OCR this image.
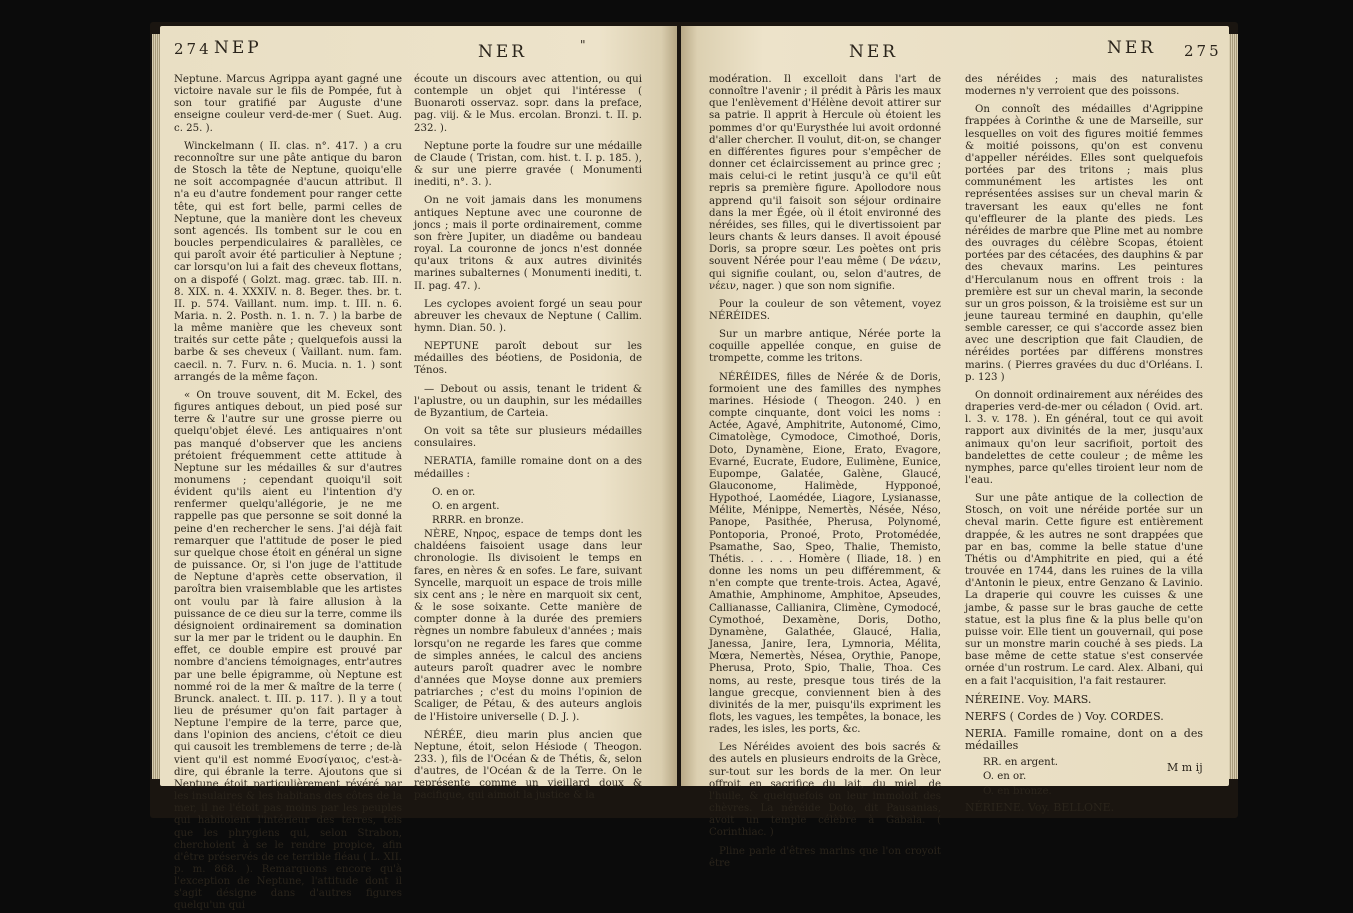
274 NEP	NER	"

Neptune. Marcus Agrippa ayant gagné une victoire navale sur le fils de Pompée, fut à son tour gratifié par Auguste d'une enseigne couleur verd-de-mer ( Suet. Aug. c. 25. ).

Winckelmann ( II. clas. n°. 417. ) a cru reconnoître sur une pâte antique du baron de Stosch la tête de Neptune, quoiqu'elle ne soit accompagnée d'aucun attribut. Il n'a eu d'autre fondement pour ranger cette tête, qui est fort belle, parmi celles de Neptune, que la manière dont les cheveux sont agencés. Ils tombent sur le cou en boucles perpendiculaires & parallèles, ce qui paroît avoir été particulier à Neptune ; car lorsqu'on lui a fait des cheveux flottans, on a dispofé ( Golzt. mag. græc. tab. III. n. 8. XIX. n. 4. XXXIV. n. 8. Beger. thes. br. t. II. p. 574. Vaillant. num. imp. t. III. n. 6. Maria. n. 2. Posth. n. 1. n. 7. ) la barbe de la même manière que les cheveux sont traités sur cette pâte ; quelquefois aussi la barbe & ses cheveux ( Vaillant. num. fam. caecil. n. 7. Furv. n. 6. Mucia. n. 1. ) sont arrangés de la même façon.

« On trouve souvent, dit M. Eckel, des figures antiques debout, un pied posé sur terre & l'autre sur une grosse pierre ou quelqu'objet élevé. Les antiquaires n'ont pas manqué d'observer que les anciens prétoient fréquemment cette attitude à Neptune sur les médailles & sur d'autres monumens ; cependant quoiqu'il soit évident qu'ils aient eu l'intention d'y renfermer quelqu'allégorie, je ne me rappelle pas que personne se soit donné la peine d'en rechercher le sens. J'ai déjà fait remarquer que l'attitude de poser le pied sur quelque chose étoit en général un signe de puissance. Or, si l'on juge de l'attitude de Neptune d'après cette observation, il paroîtra bien vraisemblable que les artistes ont voulu par là faire allusion à la puissance de ce dieu sur la terre, comme ils désignoient ordinairement sa domination sur la mer par le trident ou le dauphin. En effet, ce double empire est prouvé par nombre d'anciens témoignages, entr'autres par une belle épigramme, où Neptune est nommé roi de la mer & maître de la terre ( Brunck. analect. t. III. p. 117. ). Il y a tout lieu de présumer qu'on fait partager à Neptune l'empire de la terre, parce que, dans l'opinion des anciens, c'étoit ce dieu qui causoit les tremblemens de terre ; de-là vient qu'il est nommé Ενοσίγαιος, c'est-à-dire, qui ébranle la terre. Ajoutons que si Neptune étoit particulièrement révéré par les insulaires & les habitans des côtes de la mer, il ne l'étoit pas moins par les peuples qui habitoient l'intérieur des terres, tels que les phrygiens qui, selon Strabon, cherchoient à se le rendre propice, afin d'être préservés de ce terrible fléau ( L. XII. p. m. 868. ). Remarquons encore qu'à l'exception de Neptune, l'attitude dont il s'agit désigne dans d'autres figures quelqu'un qui

écoute un discours avec attention, ou qui contemple un objet qui l'intéresse ( Buonaroti osservaz. sopr. dans la preface, pag. viij. & le Mus. ercolan. Bronzi. t. II. p. 232. ).

Neptune porte la foudre sur une médaille de Claude ( Tristan, com. hist. t. I. p. 185. ), & sur une pierre gravée ( Monumenti inediti, n°. 3. ).

On ne voit jamais dans les monumens antiques Neptune avec une couronne de joncs ; mais il porte ordinairement, comme son frère Jupiter, un diadême ou bandeau royal. La couronne de joncs n'est donnée qu'aux tritons & aux autres divinités marines subalternes ( Monumenti inediti, t. II. pag. 47. ).

Les cyclopes avoient forgé un seau pour abreuver les chevaux de Neptune ( Callim. hymn. Dian. 50. ).

NEPTUNE paroît debout sur les médailles des béotiens, de Posidonia, de Ténos.

— Debout ou assis, tenant le trident & l'aplustre, ou un dauphin, sur les médailles de Byzantium, de Carteia.

On voit sa tête sur plusieurs médailles consulaires.

NERATIA, famille romaine dont on a des médailles :

O. en or.

O. en argent.

RRRR. en bronze.

NÈRE, Νηρος, espace de temps dont les chaldéens faisoient usage dans leur chronologie. Ils divisoient le temps en fares, en nères & en sofes. Le fare, suivant Syncelle, marquoit un espace de trois mille six cent ans ; le nère en marquoit six cent, & le sose soixante. Cette manière de compter donne à la durée des premiers règnes un nombre fabuleux d'années ; mais lorsqu'on ne regarde les fares que comme de simples années, le calcul des anciens auteurs paroît quadrer avec le nombre d'années que Moyse donne aux premiers patriarches ; c'est du moins l'opinion de Scaliger, de Pétau, & des auteurs anglois de l'Histoire universelle ( D. J. ).

NÉRÉE, dieu marin plus ancien que Neptune, étoit, selon Hésiode ( Theogon. 233. ), fils de l'Océan & de Thétis, &, selon d'autres, de l'Océan & de la Terre. On le représente comme un vieillard doux & pacifique, qui aimoit la justice & la

NER	NER 275

modération. Il excelloit dans l'art de connoître l'avenir ; il prédit à Pâris les maux que l'enlèvement d'Hélène devoit attirer sur sa patrie. Il apprit à Hercule où étoient les pommes d'or qu'Eurysthée lui avoit ordonné d'aller chercher. Il voulut, dit-on, se changer en différentes figures pour s'empêcher de donner cet éclaircissement au prince grec ; mais celui-ci le retint jusqu'à ce qu'il eût repris sa première figure. Apollodore nous apprend qu'il faisoit son séjour ordinaire dans la mer Égée, où il étoit environné des néréides, ses filles, qui le divertissoient par leurs chants & leurs danses. Il avoit épousé Doris, sa propre sœur. Les poètes ont pris souvent Nérée pour l'eau même ( De νάειν, qui signifie coulant, ou, selon d'autres, de νέειν, nager. ) que son nom signifie.

Pour la couleur de son vêtement, voyez NÉRÉIDES.

Sur un marbre antique, Nérée porte la coquille appellée conque, en guise de trompette, comme les tritons.

NÉRÉIDES, filles de Nérée & de Doris, formoient une des familles des nymphes marines. Hésiode ( Theogon. 240. ) en compte cinquante, dont voici les noms : Actée, Agavé, Amphitrite, Autonomé, Cimo, Cimatolège, Cymodoce, Cimothoé, Doris, Doto, Dynamène, Eione, Erato, Evagore, Evarné, Eucrate, Eudore, Eulimène, Eunice, Eupompe, Galatée, Galène, Glaucé, Glauconome, Halimède, Hypponoé, Hypothoé, Laomédée, Liagore, Lysianasse, Mélite, Ménippe, Nemertès, Nésée, Néso, Panope, Pasithée, Pherusa, Polynomé, Pontoporia, Pronoé, Proto, Protomédée, Psamathe, Sao, Speo, Thalie, Themisto, Thétis. . . . . . Homère ( Iliade, 18. ) en donne les noms un peu différemment, & n'en compte que trente-trois. Actea, Agavé, Amathie, Amphinome, Amphitoe, Apseudes, Callianasse, Callianira, Climène, Cymodocé, Cymothoé, Dexamène, Doris, Dotho, Dynamène, Galathée, Glaucé, Halia, Janessa, Janire, Iera, Lymnoria, Mélita, Mœra, Nemertès, Nésea, Orythie, Panope, Pherusa, Proto, Spio, Thalie, Thoa. Ces noms, au reste, presque tous tirés de la langue grecque, conviennent bien à des divinités de la mer, puisqu'ils expriment les flots, les vagues, les tempêtes, la bonace, les rades, les isles, les ports, &c.

Les Néréides avoient des bois sacrés & des autels en plusieurs endroits de la Grèce, sur-tout sur les bords de la mer. On leur offroit en sacrifice du lait, du miel, de l'huile, & quelquefois on leur immoloit des chèvres. La néréide Doto, dit Pausanias, avoit un temple célèbre à Gabala. ( Corinthiac. )

Pline parle d'êtres marins que l'on croyoit être

des néréides ; mais des naturalistes modernes n'y verroient que des poissons.

On connoît des médailles d'Agrippine frappées à Corinthe & une de Marseille, sur lesquelles on voit des figures moitié femmes & moitié poissons, qu'on est convenu d'appeller néréides. Elles sont quelquefois portées par des tritons ; mais plus communément les artistes les ont représentées assises sur un cheval marin & traversant les eaux qu'elles ne font qu'effleurer de la plante des pieds. Les néréides de marbre que Pline met au nombre des ouvrages du célèbre Scopas, étoient portées par des cétacées, des dauphins & par des chevaux marins. Les peintures d'Herculanum nous en offrent trois : la première est sur un cheval marin, la seconde sur un gros poisson, & la troisième est sur un jeune taureau terminé en dauphin, qu'elle semble caresser, ce qui s'accorde assez bien avec une description que fait Claudien, de néréides portées par différens monstres marins. ( Pierres gravées du duc d'Orléans. I. p. 123 )

On donnoit ordinairement aux néréides des draperies verd-de-mer ou céladon ( Ovid. art. l. 3. v. 178. ). En général, tout ce qui avoit rapport aux divinités de la mer, jusqu'aux animaux qu'on leur sacrifioit, portoit des bandelettes de cette couleur ; de même les nymphes, parce qu'elles tiroient leur nom de l'eau.

Sur une pâte antique de la collection de Stosch, on voit une néréide portée sur un cheval marin. Cette figure est entièrement drappée, & les autres ne sont drappées que par en bas, comme la belle statue d'une Thétis ou d'Amphitrite en pied, qui a été trouvée en 1744, dans les ruines de la villa d'Antonin le pieux, entre Genzano & Lavinio. La draperie qui couvre les cuisses & une jambe, & passe sur le bras gauche de cette statue, est la plus fine & la plus belle qu'on puisse voir. Elle tient un gouvernail, qui pose sur un monstre marin couché à ses pieds. La base même de cette statue s'est conservée ornée d'un rostrum. Le card. Alex. Albani, qui en a fait l'acquisition, l'a fait restaurer.

NÉREINE. Voy. MARS.

NERFS ( Cordes de ) Voy. CORDES.

NERIA. Famille romaine, dont on a des médailles

RR. en argent.

O. en or.

O. en bronze.

NÉRIENE. Voy. BELLONE.

M m ij
